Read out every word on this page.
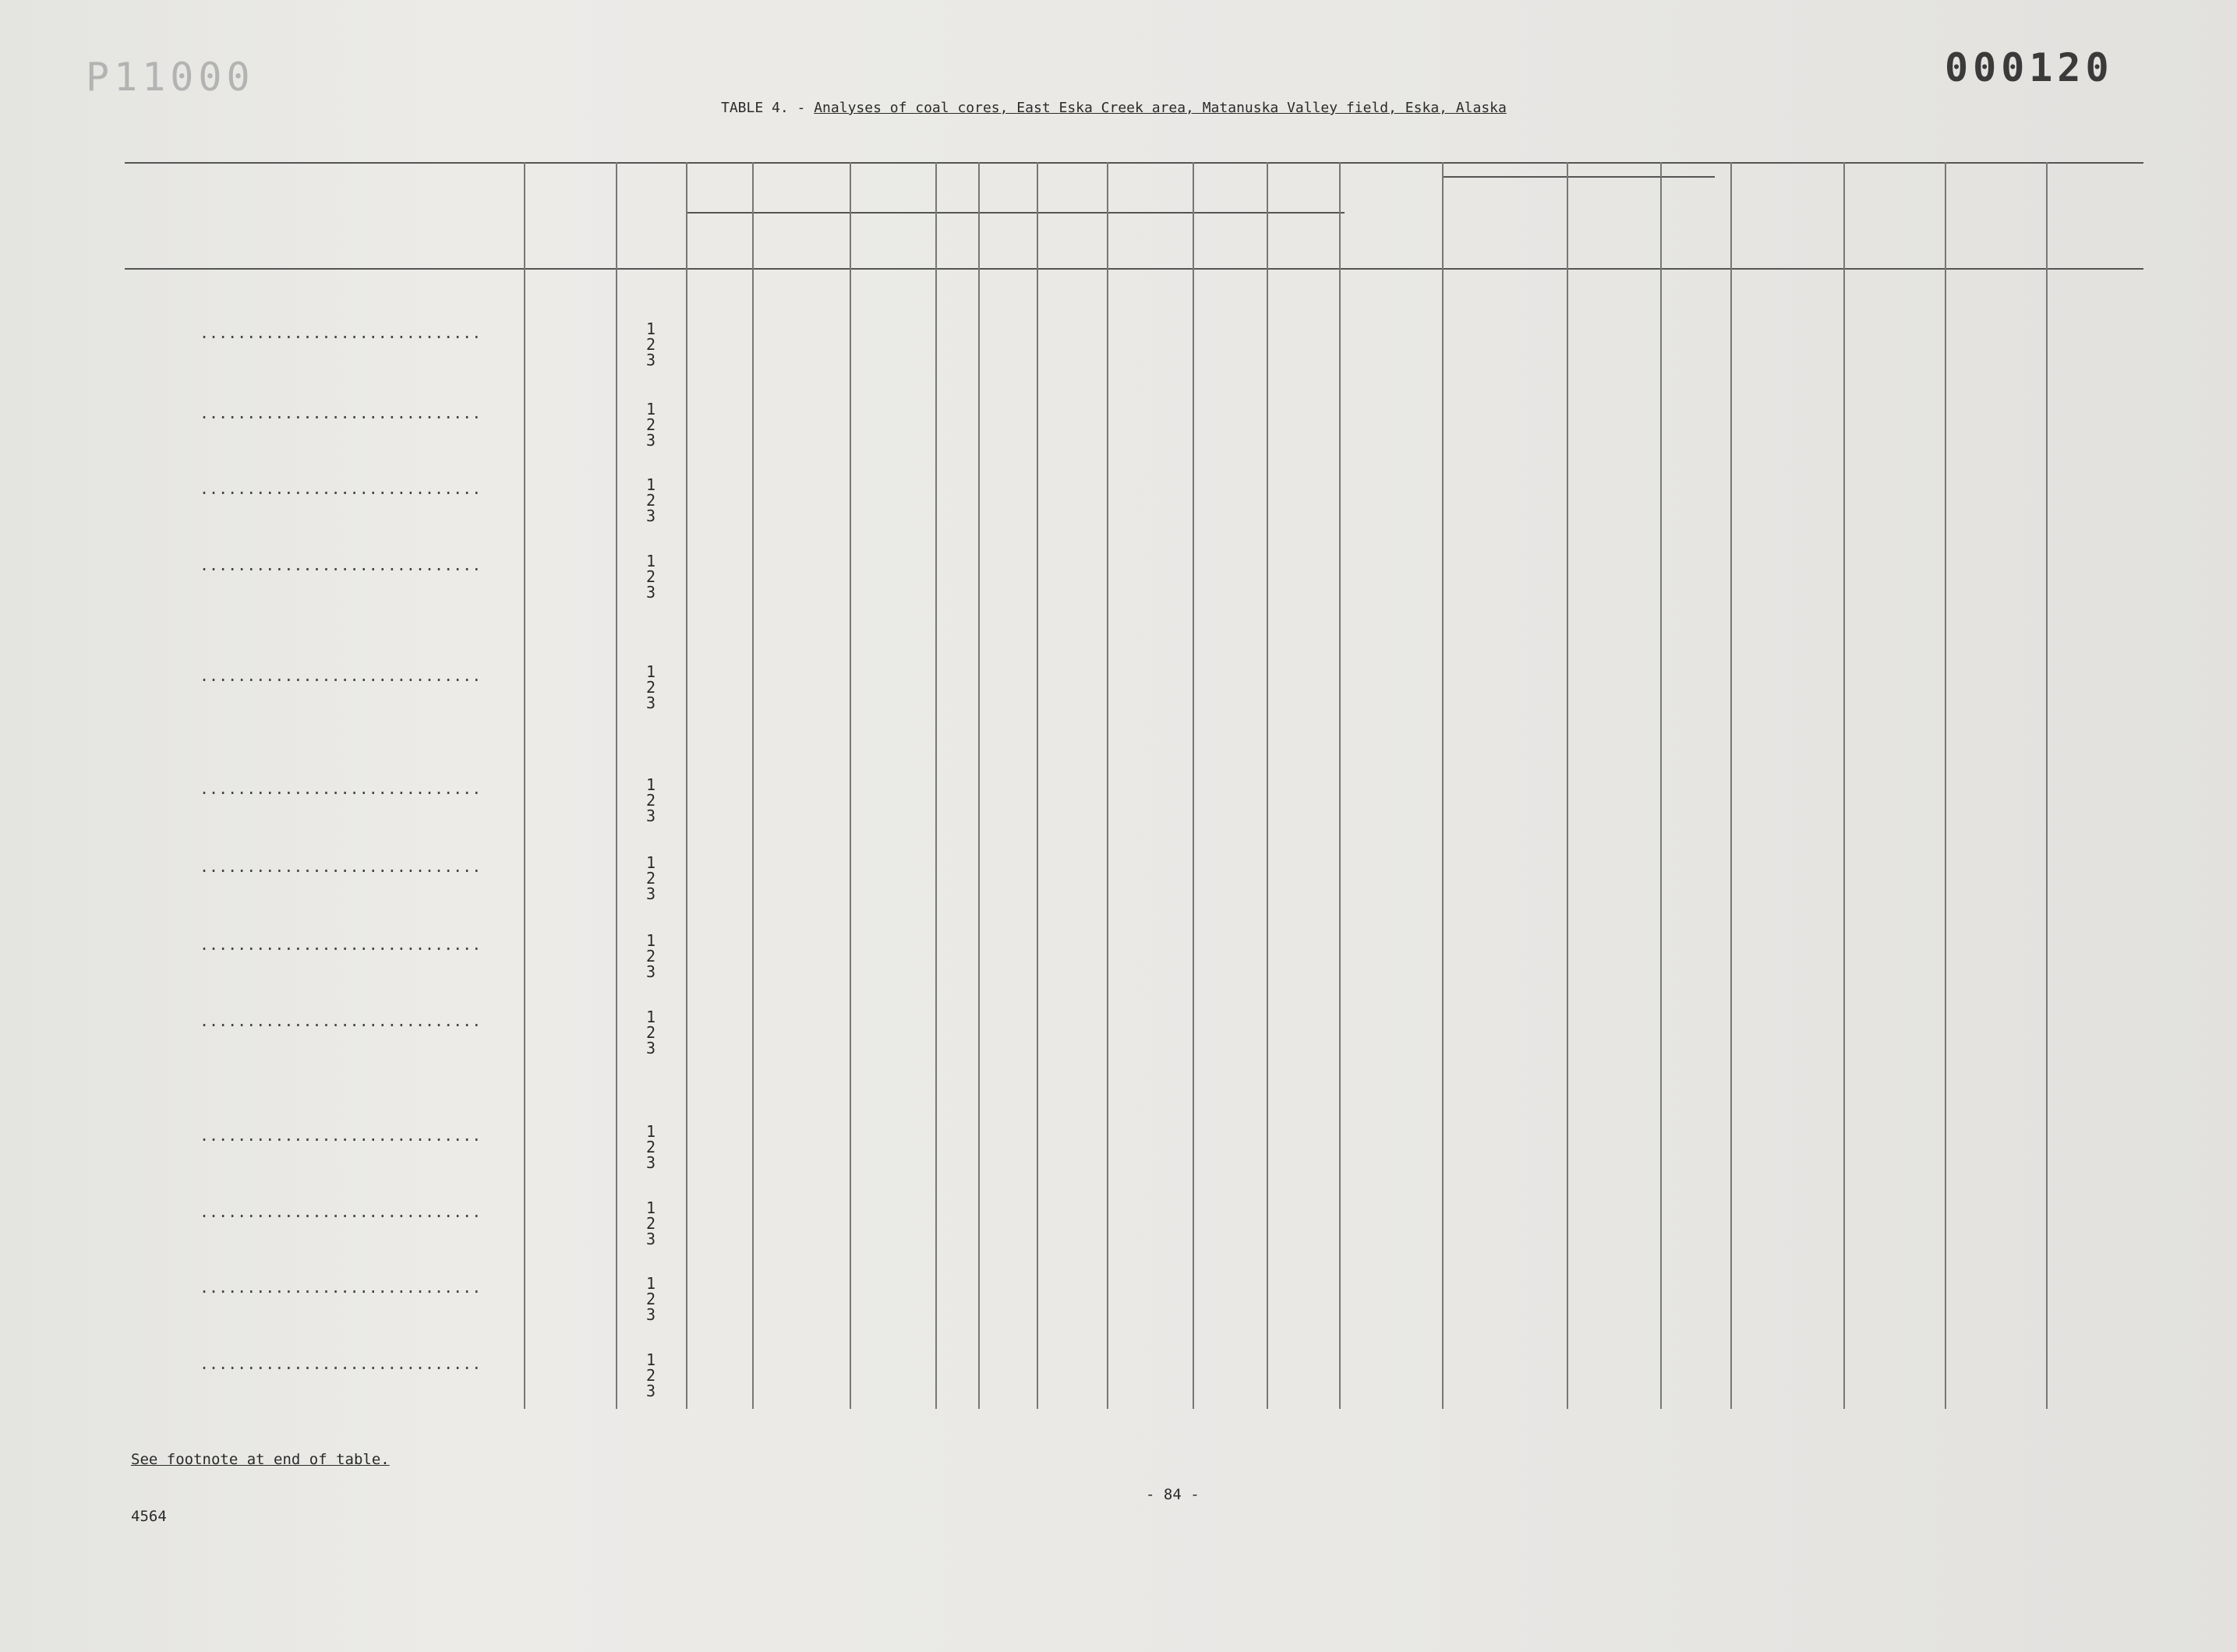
P11000	000120
TABLE 4. - Analyses of coal cores, East Eska Creek area, Matanuska Valley field, Eska, Alaska
..............................	1
2
3
..............................	1
2
3
..............................	1
2
3
..............................	1
2
3
..............................	1
2
3
..............................	1
2
3
..............................	1
2
3
..............................	1
2
3
..............................	1
2
3
..............................	1
2
3
..............................	1
2
3
..............................	1
2
3
..............................	1
2
3
See footnote at end of table.
- 84 -
4564
